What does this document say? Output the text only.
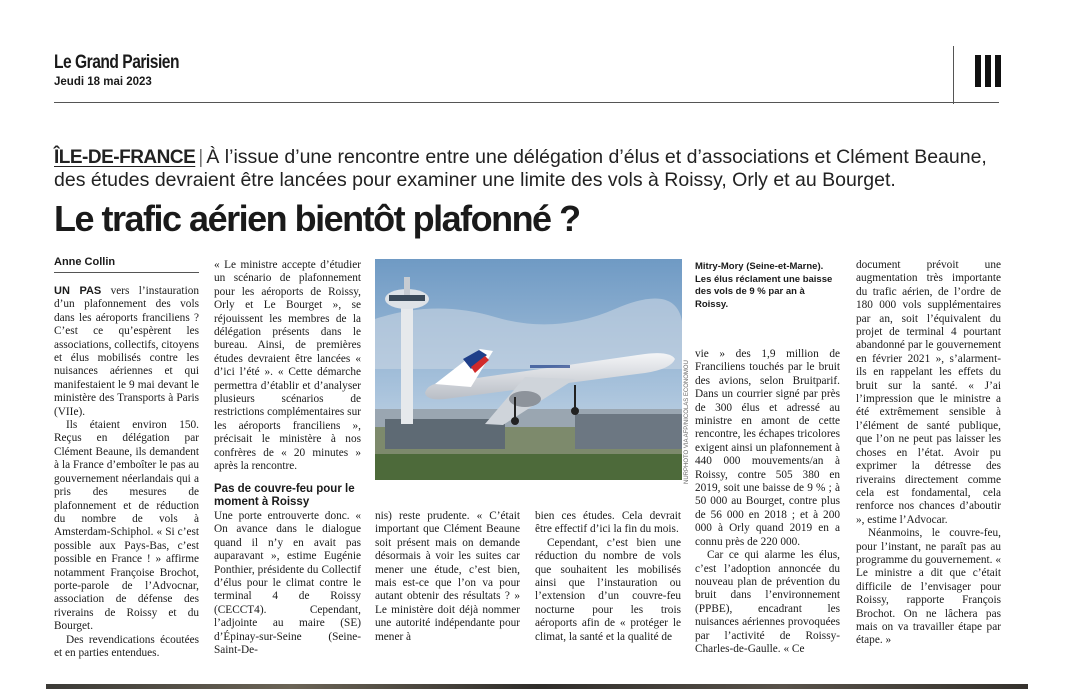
Le Grand Parisien
Jeudi 18 mai 2023
ÎLE-DE-FRANCE | À l’issue d’une rencontre entre une délégation d’élus et d’associations et Clément Beaune, des études devraient être lancées pour examiner une limite des vols à Roissy, Orly et au Bourget.
Le trafic aérien bientôt plafonné ?
Anne Collin

UN PAS vers l’instauration d’un plafonnement des vols dans les aéroports franciliens ? C’est ce qu’espèrent les associations, collectifs, citoyens et élus mobilisés contre les nuisances aériennes et qui manifestaient le 9 mai devant le ministère des Transports à Paris (VIIe).

Ils étaient environ 150. Reçus en délégation par Clément Beaune, ils demandent à la France d’emboîter le pas au gouvernement néerlandais qui a pris des mesures de plafonnement et de réduction du nombre de vols à Amsterdam-Schiphol. « Si c’est possible aux Pays-Bas, c’est possible en France ! » affirme notamment Françoise Brochot, porte-parole de l’Advocnar, association de défense des riverains de Roissy et du Bourget.

Des revendications écoutées et en parties entendues.

« Le ministre accepte d’étudier un scénario de plafonnement pour les aéroports de Roissy, Orly et Le Bourget », se réjouissent les membres de la délégation présents dans le bureau. Ainsi, de premières études devraient être lancées « d’ici l’été ». « Cette démarche permettra d’établir et d’analyser plusieurs scénarios de restrictions complémentaires sur les aéroports franciliens », précisait le ministère à nos confrères de « 20 minutes » après la rencontre.

Pas de couvre-feu pour le moment à Roissy

Une porte entrouverte donc. « On avance dans le dialogue quand il n’y en avait pas auparavant », estime Eugénie Ponthier, présidente du Collectif d’élus pour le climat contre le terminal 4 de Roissy (CECCT4). Cependant, l’adjointe au maire (SE) d’Épinay-sur-Seine (Seine-Saint-De-

NURPHOTO VIA AFP/NICOLAS ECONOMOU
Mitry-Mory (Seine-et-Marne). Les élus réclament une baisse des vols de 9 % par an à Roissy.

nis) reste prudente. « C’était important que Clément Beaune soit présent mais on demande désormais à voir les suites car mener une étude, c’est bien, mais est-ce que l’on va pour autant obtenir des résultats ? » Le ministère doit déjà nommer une autorité indépendante pour mener à

bien ces études. Cela devrait être effectif d’ici la fin du mois.

Cependant, c’est bien une réduction du nombre de vols que souhaitent les mobilisés ainsi que l’instauration ou l’extension d’un couvre-feu nocturne pour les trois aéroports afin de « protéger le climat, la santé et la qualité de

vie » des 1,9 million de Franciliens touchés par le bruit des avions, selon Bruitparif. Dans un courrier signé par près de 300 élus et adressé au ministre en amont de cette rencontre, les échapes tricolores exigent ainsi un plafonnement à 440 000 mouvements/an à Roissy, contre 505 380 en 2019, soit une baisse de 9 % ; à 50 000 au Bourget, contre plus de 56 000 en 2018 ; et à 200 000 à Orly quand 2019 en a connu près de 220 000.

Car ce qui alarme les élus, c’est l’adoption annoncée du nouveau plan de prévention du bruit dans l’environnement (PPBE), encadrant les nuisances aériennes provoquées par l’activité de Roissy-Charles-de-Gaulle. « Ce

document prévoit une augmentation très importante du trafic aérien, de l’ordre de 180 000 vols supplémentaires par an, soit l’équivalent du projet de terminal 4 pourtant abandonné par le gouvernement en février 2021 », s’alarment-ils en rappelant les effets du bruit sur la santé. « J’ai l’impression que le ministre a été extrêmement sensible à l’élément de santé publique, que l’on ne peut pas laisser les choses en l’état. Avoir pu exprimer la détresse des riverains directement comme cela est fondamental, cela renforce nos chances d’aboutir », estime l’Advocar.

Néanmoins, le couvre-feu, pour l’instant, ne paraît pas au programme du gouvernement. « Le ministre a dit que c’était difficile de l’envisager pour Roissy, rapporte François Brochot. On ne lâchera pas mais on va travailler étape par étape. »
